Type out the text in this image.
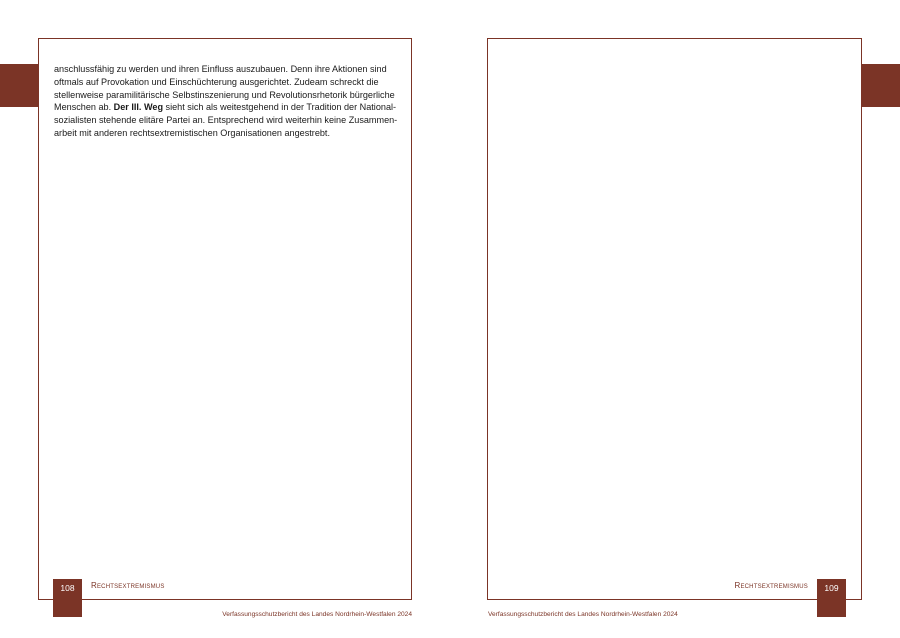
anschlussfähig zu werden und ihren Einfluss auszubauen. Denn ihre Aktionen sind oftmals auf Provokation und Einschüchterung ausgerichtet. Zudeam schreckt die stellenweise paramilitärische Selbstinszenierung und Revolutionsrhetorik bürgerliche Menschen ab. Der III. Weg sieht sich als weitestgehend in der Tradition der National-sozialisten stehende elitäre Partei an. Entsprechend wird weiterhin keine Zusammen-arbeit mit anderen rechtsextremistischen Organisationen angestrebt.

108	Rechtsextremismus	Rechtsextremismus	109
Verfassungsschutzbericht des Landes Nordrhein-Westfalen 2024	Verfassungsschutzbericht des Landes Nordrhein-Westfalen 2024
